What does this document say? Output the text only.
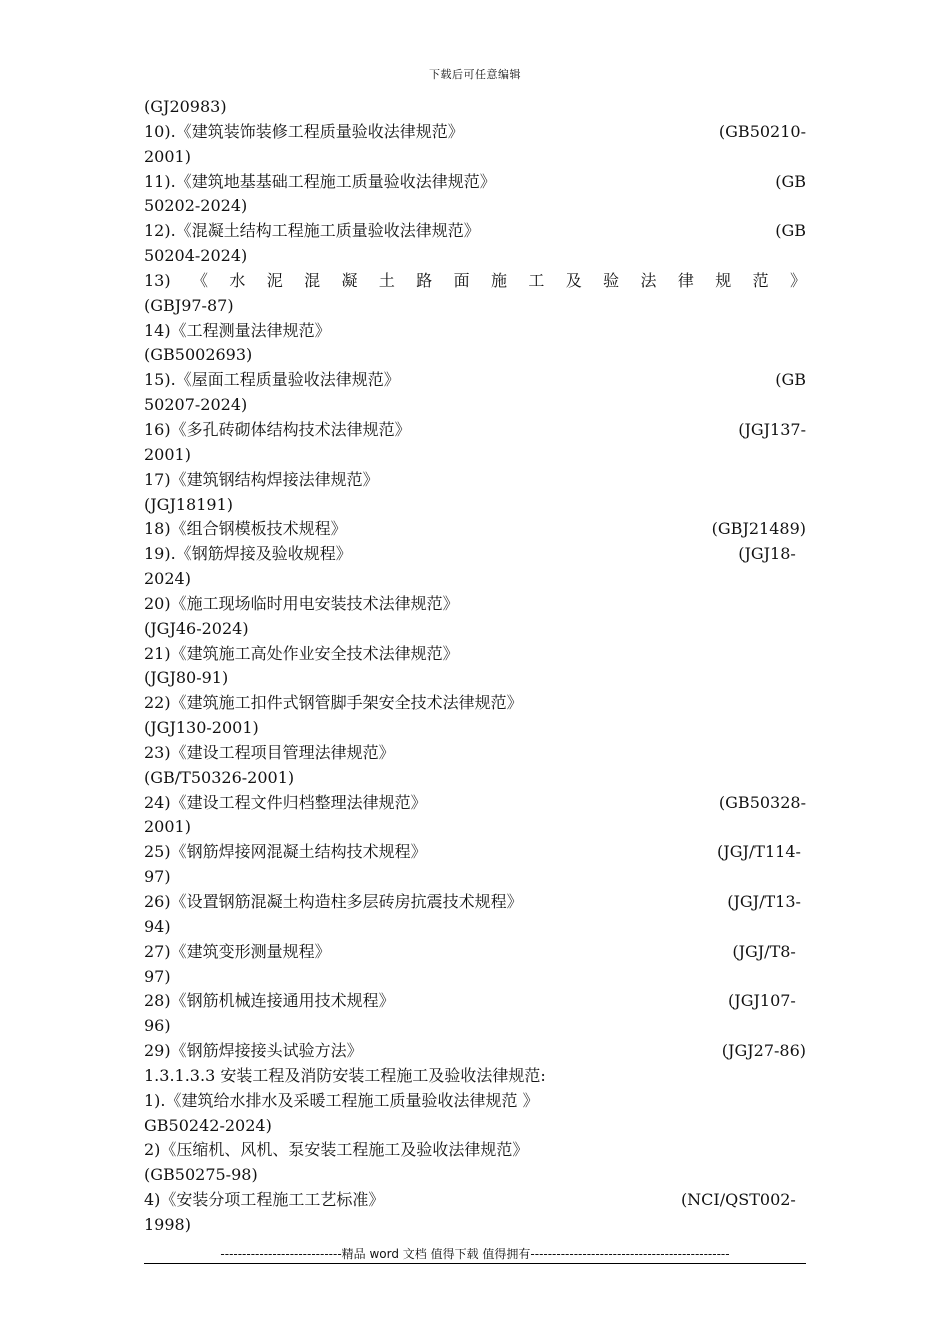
下载后可任意编辑
(GJ20983)
10).《建筑装饰装修工程质量验收法律规范》	(GB50210-
2001)
11).《建筑地基基础工程施工质量验收法律规范》	(GB
50202-2024)
12).《混凝土结构工程施工质量验收法律规范》	(GB
50204-2024)
13) 《 水 泥 混 凝 土 路 面 施 工 及 验 法 律 规 范 》
(GBJ97-87)
14)《工程测量法律规范》
(GB5002693)
15).《屋面工程质量验收法律规范》	(GB
50207-2024)
16)《多孔砖砌体结构技术法律规范》	(JGJ137-
2001)
17)《建筑钢结构焊接法律规范》
(JGJ18191)
18)《组合钢模板技术规程》	(GBJ21489)
19).《钢筋焊接及验收规程》	(JGJ18-
2024)
20)《施工现场临时用电安装技术法律规范》
(JGJ46-2024)
21)《建筑施工高处作业安全技术法律规范》
(JGJ80-91)
22)《建筑施工扣件式钢管脚手架安全技术法律规范》
(JGJ130-2001)
23)《建设工程项目管理法律规范》
(GB/T50326-2001)
24)《建设工程文件归档整理法律规范》	(GB50328-
2001)
25)《钢筋焊接网混凝土结构技术规程》	(JGJ/T114-
97)
26)《设置钢筋混凝土构造柱多层砖房抗震技术规程》	(JGJ/T13-
94)
27)《建筑变形测量规程》	(JGJ/T8-
97)
28)《钢筋机械连接通用技术规程》	(JGJ107-
96)
29)《钢筋焊接接头试验方法》	(JGJ27-86)
1.3.1.3.3 安装工程及消防安装工程施工及验收法律规范:
1).《建筑给水排水及采暖工程施工质量验收法律规范 》
GB50242-2024)
2)《压缩机、风机、泵安装工程施工及验收法律规范》
(GB50275-98)
4)《安装分项工程施工工艺标准》	(NCI/QST002-
1998)
----------------------------精品 word 文档 值得下载 值得拥有----------------------------------------------
